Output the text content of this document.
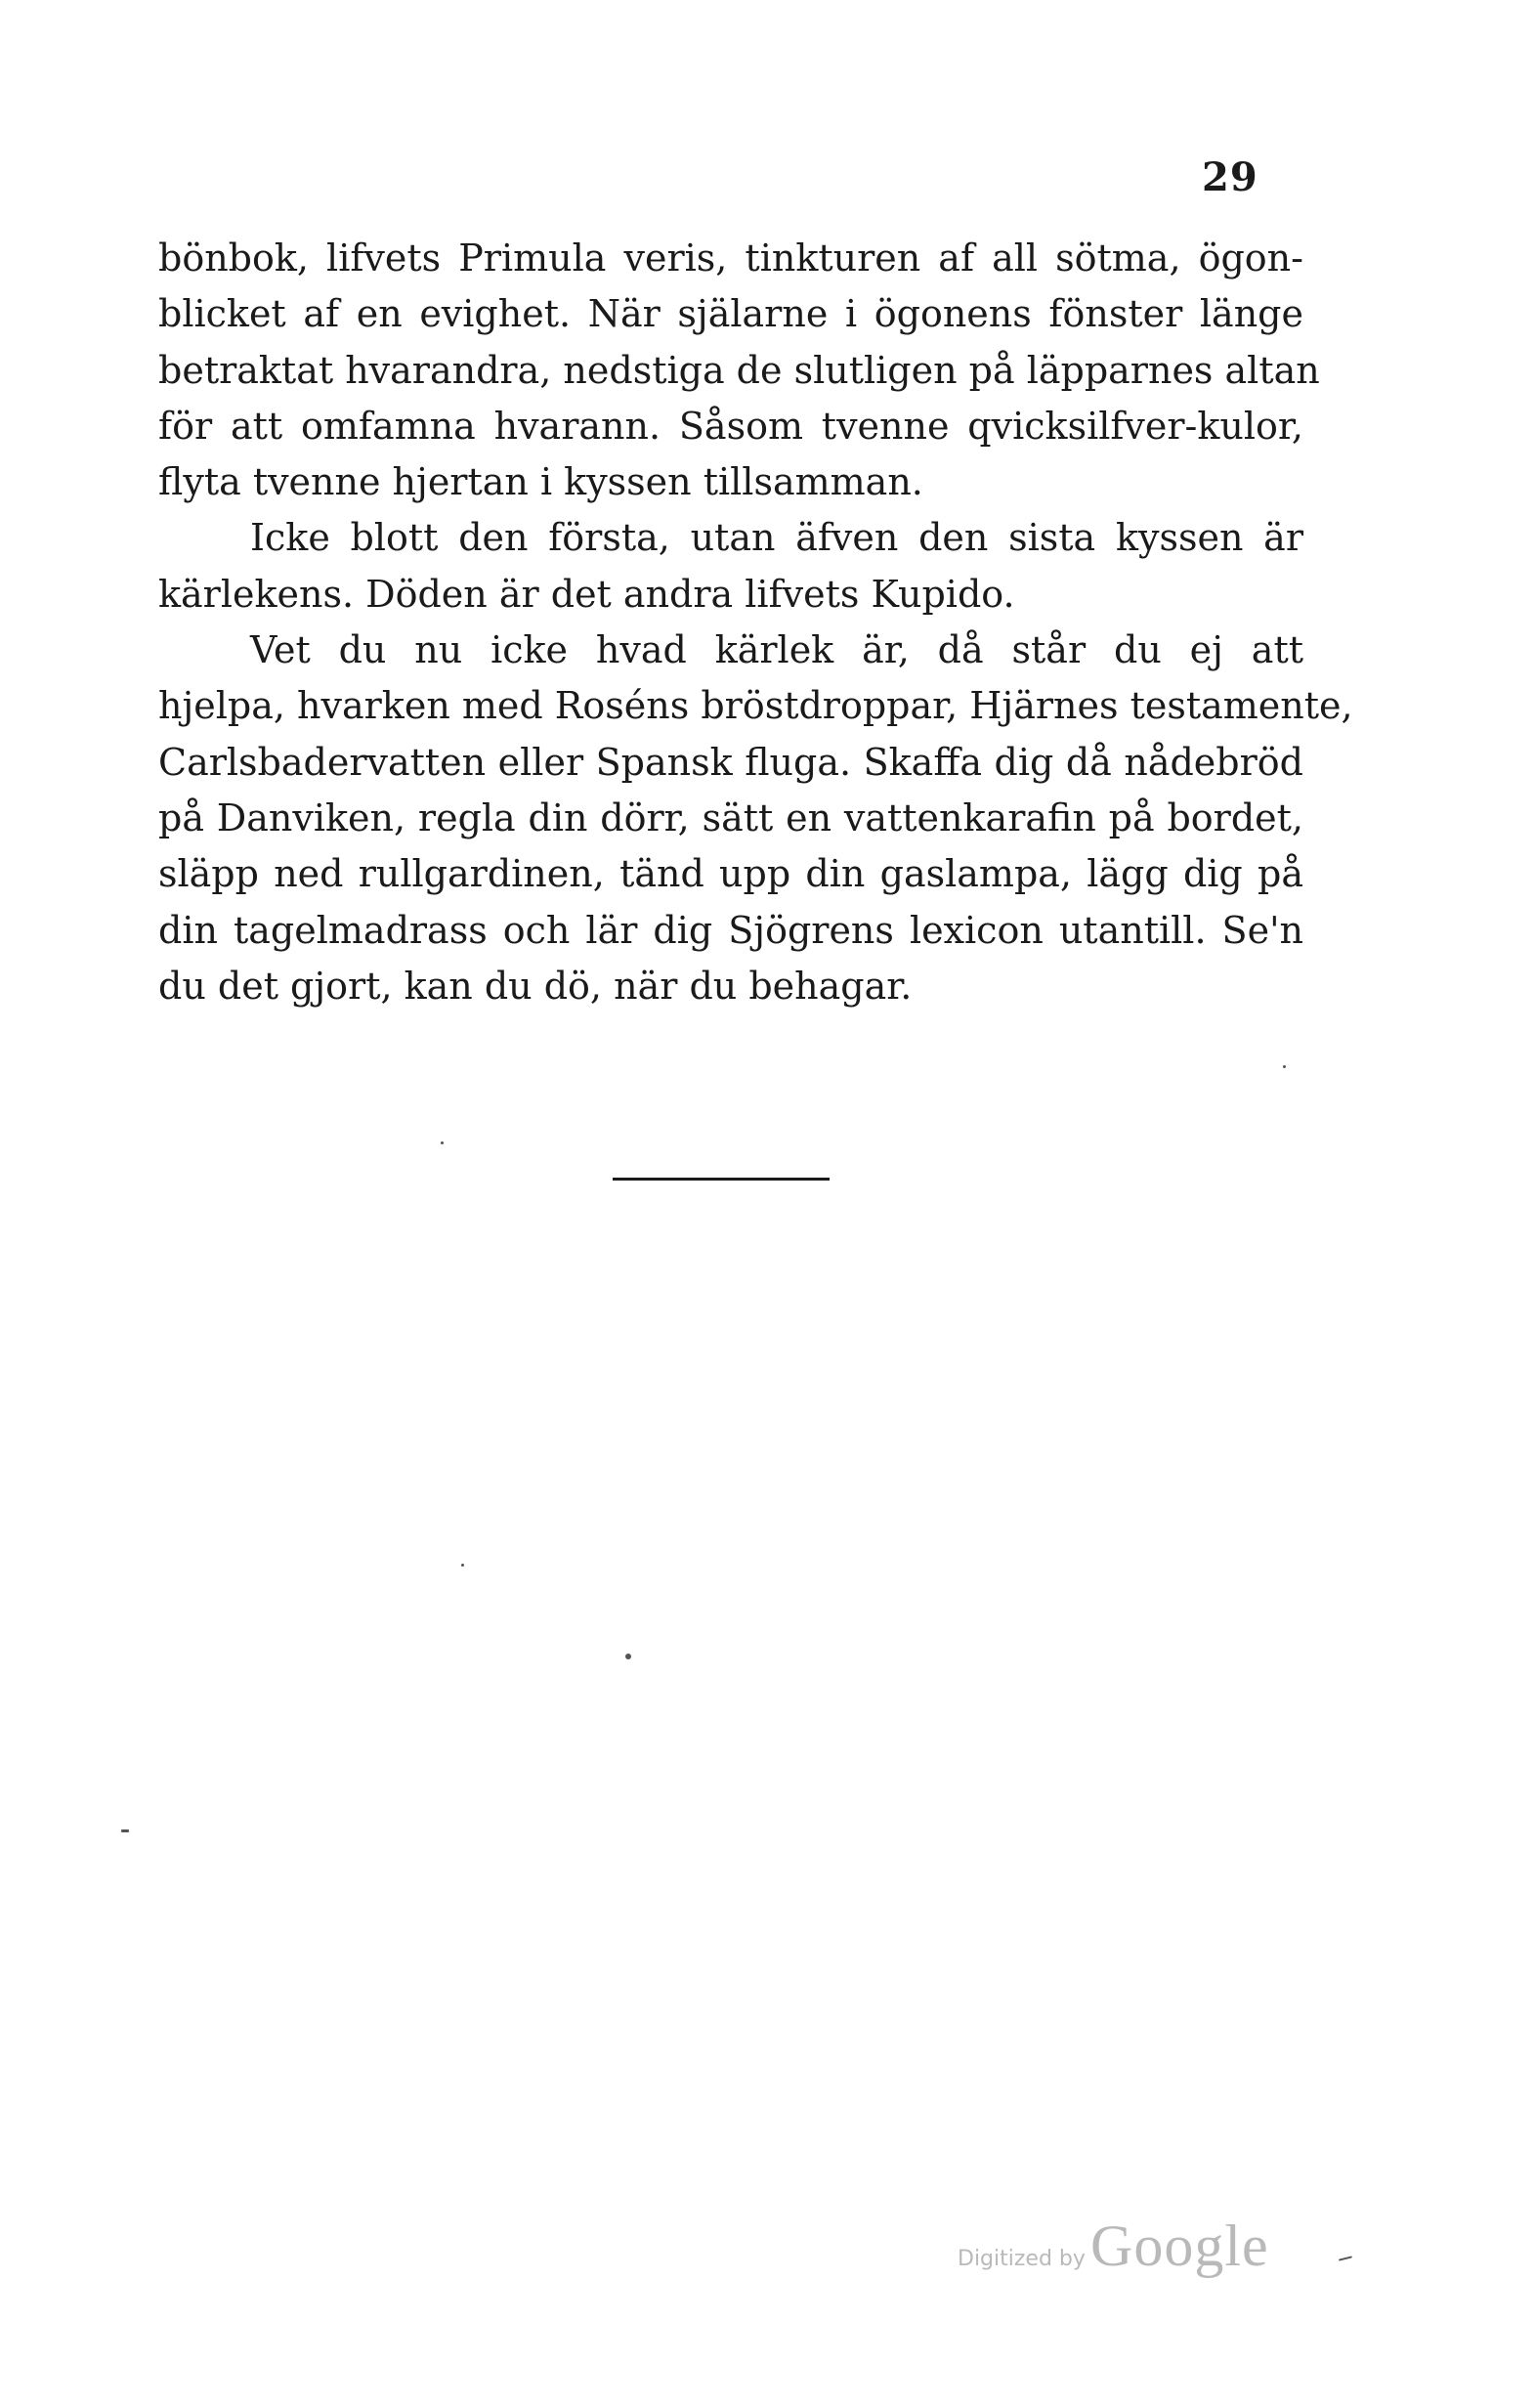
29
bönbok, lifvets Primula veris, tinkturen af all sötma, ögon-
blicket af en evighet. När själarne i ögonens fönster länge
betraktat hvarandra, nedstiga de slutligen på läpparnes altan
för att omfamna hvarann. Såsom tvenne qvicksilfver-kulor,
flyta tvenne hjertan i kyssen tillsamman.
Icke blott den första, utan äfven den sista kyssen är
kärlekens. Döden är det andra lifvets Kupido.
Vet du nu icke hvad kärlek är, då står du ej att
hjelpa, hvarken med Roséns bröstdroppar, Hjärnes testamente,
Carlsbadervatten eller Spansk fluga. Skaffa dig då nådebröd
på Danviken, regla din dörr, sätt en vattenkarafin på bordet,
släpp ned rullgardinen, tänd upp din gaslampa, lägg dig på
din tagelmadrass och lär dig Sjögrens lexicon utantill. Se'n
du det gjort, kan du dö, när du behagar.
Digitized by Google
